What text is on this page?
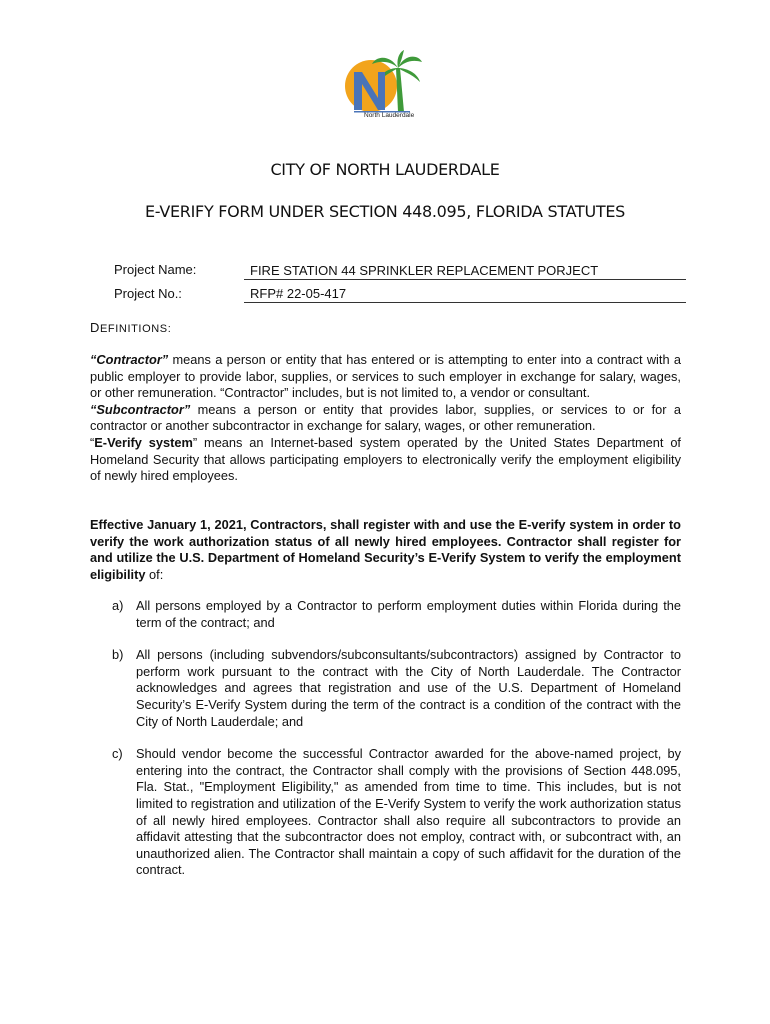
North Lauderdale
CITY OF NORTH LAUDERDALE
E-VERIFY FORM UNDER SECTION 448.095, FLORIDA STATUTES
Project Name:	FIRE STATION 44 SPRINKLER REPLACEMENT PORJECT
Project No.:	RFP# 22-05-417
DEFINITIONS:

“Contractor” means a person or entity that has entered or is attempting to enter into a contract with a public employer to provide labor, supplies, or services to such employer in exchange for salary, wages, or other remuneration. “Contractor” includes, but is not limited to, a vendor or consultant.

“Subcontractor” means a person or entity that provides labor, supplies, or services to or for a contractor or another subcontractor in exchange for salary, wages, or other remuneration.

“E-Verify system” means an Internet-based system operated by the United States Department of Homeland Security that allows participating employers to electronically verify the employment eligibility of newly hired employees.

Effective January 1, 2021, Contractors, shall register with and use the E-verify system in order to verify the work authorization status of all newly hired employees. Contractor shall register for and utilize the U.S. Department of Homeland Security’s E-Verify System to verify the employment eligibility of:

a) All persons employed by a Contractor to perform employment duties within Florida during the term of the contract; and
b) All persons (including subvendors/subconsultants/subcontractors) assigned by Contractor to perform work pursuant to the contract with the City of North Lauderdale. The Contractor acknowledges and agrees that registration and use of the U.S. Department of Homeland Security’s E-Verify System during the term of the contract is a condition of the contract with the City of North Lauderdale; and
c) Should vendor become the successful Contractor awarded for the above-named project, by entering into the contract, the Contractor shall comply with the provisions of Section 448.095, Fla. Stat., "Employment Eligibility," as amended from time to time. This includes, but is not limited to registration and utilization of the E-Verify System to verify the work authorization status of all newly hired employees. Contractor shall also require all subcontractors to provide an affidavit attesting that the subcontractor does not employ, contract with, or subcontract with, an unauthorized alien. The Contractor shall maintain a copy of such affidavit for the duration of the contract.
